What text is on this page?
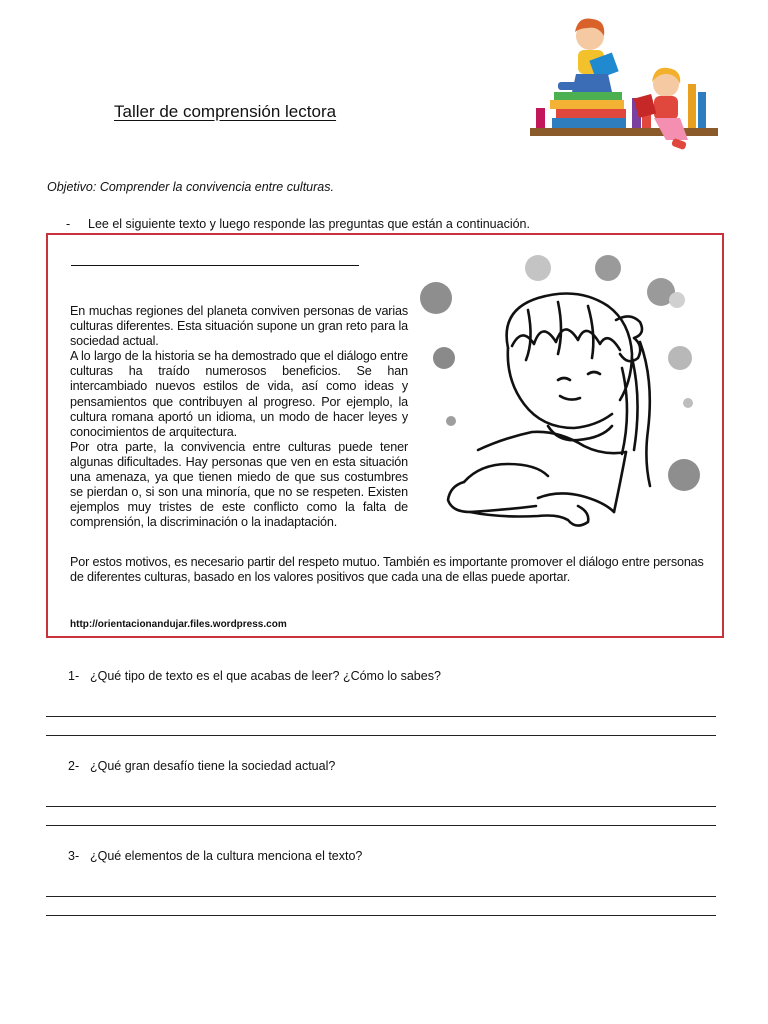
Taller de comprensión lectora
Objetivo: Comprender la convivencia entre culturas.
- Lee el siguiente texto y luego responde las preguntas que están a continuación.
En muchas regiones del planeta conviven personas de varias culturas diferentes. Esta situación supone un gran reto para la sociedad actual.
A lo largo de la historia se ha demostrado que el diálogo entre culturas ha traído numerosos beneficios. Se han intercambiado nuevos estilos de vida, así como ideas y pensamientos que contribuyen al progreso. Por ejemplo, la cultura romana aportó un idioma, un modo de hacer leyes y conocimientos de arquitectura.
Por otra parte, la convivencia entre culturas puede tener algunas dificultades. Hay personas que ven en esta situación una amenaza, ya que tienen miedo de que sus costumbres se pierdan o, si son una minoría, que no se respeten. Existen ejemplos muy tristes de este conflicto como la falta de comprensión, la discriminación o la inadaptación.
Por estos motivos, es necesario partir del respeto mutuo. También es importante promover el diálogo entre personas de diferentes culturas, basado en los valores positivos que cada una de ellas puede aportar.
http://orientacionandujar.files.wordpress.com
1- ¿Qué tipo de texto es el que acabas de leer? ¿Cómo lo sabes?
2- ¿Qué gran desafío tiene la sociedad actual?
3- ¿Qué elementos de la cultura menciona el texto?
